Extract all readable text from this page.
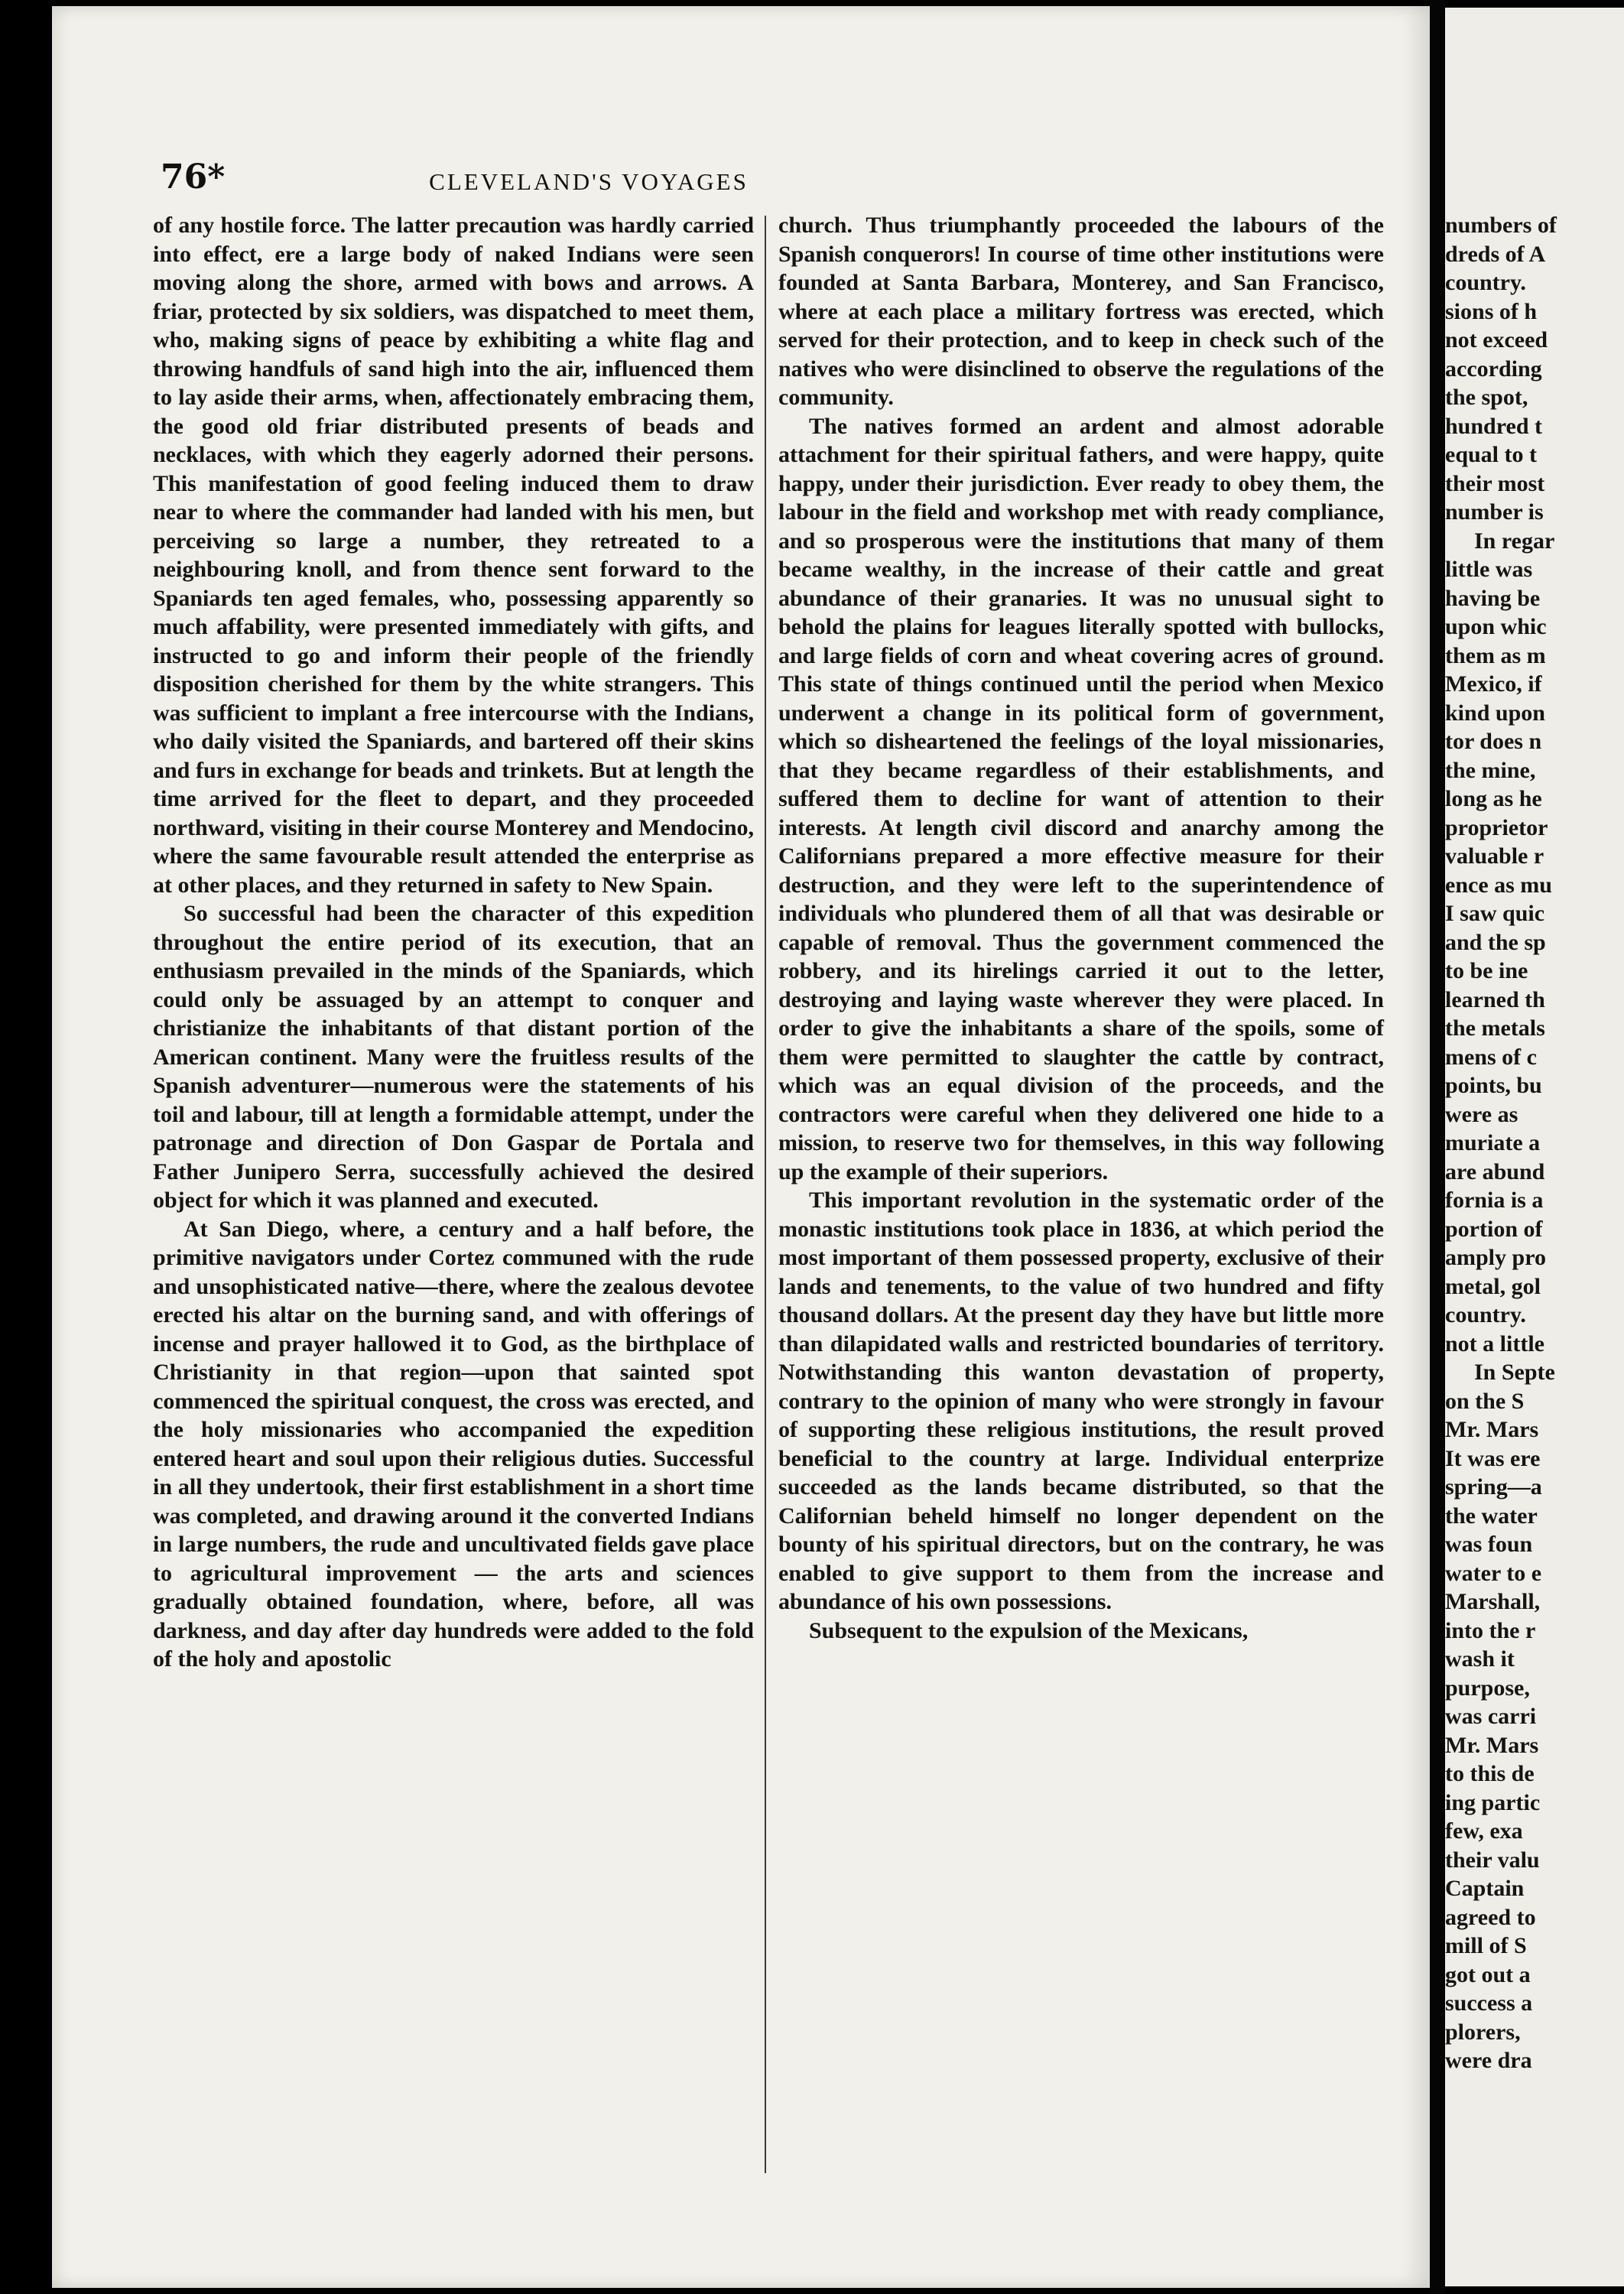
numbers of
dreds of A
country.
sions of h
not exceed
according
the spot,
hundred t
equal to t
their most
number is
In regar
little was
having be
upon whic
them as m
Mexico, if
kind upon
tor does n
the mine,
long as he
proprietor
valuable r
ence as mu
I saw quic
and the sp
to be ine
learned th
the metals
mens of c
points, bu
were as
muriate a
are abund
fornia is a
portion of
amply pro
metal, gol
country.
not a little
In Septe
on the S
Mr. Mars
It was ere
spring—a
the water
was foun
water to e
Marshall,
into the r
wash it
purpose,
was carri
Mr. Mars
to this de
ing partic
few, exa
their valu
Captain
agreed to
mill of S
got out a
success a
plorers,
were dra
76*	CLEVELAND'S VOYAGES

of any hostile force. The latter precaution was hardly carried into effect, ere a large body of naked Indians were seen moving along the shore, armed with bows and arrows. A friar, protected by six soldiers, was dispatched to meet them, who, making signs of peace by exhibiting a white flag and throwing handfuls of sand high into the air, influenced them to lay aside their arms, when, affectionately embracing them, the good old friar distributed presents of beads and necklaces, with which they eagerly adorned their persons. This manifestation of good feeling induced them to draw near to where the commander had landed with his men, but perceiving so large a number, they retreated to a neighbouring knoll, and from thence sent forward to the Spaniards ten aged females, who, possessing apparently so much affability, were presented immediately with gifts, and instructed to go and inform their people of the friendly disposition cherished for them by the white strangers. This was sufficient to implant a free intercourse with the Indians, who daily visited the Spaniards, and bartered off their skins and furs in exchange for beads and trinkets. But at length the time arrived for the fleet to depart, and they proceeded northward, visiting in their course Monterey and Mendocino, where the same favourable result attended the enterprise as at other places, and they returned in safety to New Spain.

So successful had been the character of this expedition throughout the entire period of its execution, that an enthusiasm prevailed in the minds of the Spaniards, which could only be assuaged by an attempt to conquer and christianize the inhabitants of that distant portion of the American continent. Many were the fruitless results of the Spanish adventurer—numerous were the statements of his toil and labour, till at length a formidable attempt, under the patronage and direction of Don Gaspar de Portala and Father Junipero Serra, successfully achieved the desired object for which it was planned and executed.

At San Diego, where, a century and a half before, the primitive navigators under Cortez communed with the rude and unsophisticated native—there, where the zealous devotee erected his altar on the burning sand, and with offerings of incense and prayer hallowed it to God, as the birthplace of Christianity in that region—upon that sainted spot commenced the spiritual conquest, the cross was erected, and the holy missionaries who accompanied the expedition entered heart and soul upon their religious duties. Successful in all they undertook, their first establishment in a short time was completed, and drawing around it the converted Indians in large numbers, the rude and uncultivated fields gave place to agricultural improvement — the arts and sciences gradually obtained foundation, where, before, all was darkness, and day after day hundreds were added to the fold of the holy and apostolic

church. Thus triumphantly proceeded the labours of the Spanish conquerors! In course of time other institutions were founded at Santa Barbara, Monterey, and San Francisco, where at each place a military fortress was erected, which served for their protection, and to keep in check such of the natives who were disinclined to observe the regulations of the community.

The natives formed an ardent and almost adorable attachment for their spiritual fathers, and were happy, quite happy, under their jurisdiction. Ever ready to obey them, the labour in the field and workshop met with ready compliance, and so prosperous were the institutions that many of them became wealthy, in the increase of their cattle and great abundance of their granaries. It was no unusual sight to behold the plains for leagues literally spotted with bullocks, and large fields of corn and wheat covering acres of ground. This state of things continued until the period when Mexico underwent a change in its political form of government, which so disheartened the feelings of the loyal missionaries, that they became regardless of their establishments, and suffered them to decline for want of attention to their interests. At length civil discord and anarchy among the Californians prepared a more effective measure for their destruction, and they were left to the superintendence of individuals who plundered them of all that was desirable or capable of removal. Thus the government commenced the robbery, and its hirelings carried it out to the letter, destroying and laying waste wherever they were placed. In order to give the inhabitants a share of the spoils, some of them were permitted to slaughter the cattle by contract, which was an equal division of the proceeds, and the contractors were careful when they delivered one hide to a mission, to reserve two for themselves, in this way following up the example of their superiors.

This important revolution in the systematic order of the monastic institutions took place in 1836, at which period the most important of them possessed property, exclusive of their lands and tenements, to the value of two hundred and fifty thousand dollars. At the present day they have but little more than dilapidated walls and restricted boundaries of territory. Notwithstanding this wanton devastation of property, contrary to the opinion of many who were strongly in favour of supporting these religious institutions, the result proved beneficial to the country at large. Individual enterprize succeeded as the lands became distributed, so that the Californian beheld himself no longer dependent on the bounty of his spiritual directors, but on the contrary, he was enabled to give support to them from the increase and abundance of his own possessions.

Subsequent to the expulsion of the Mexicans,
